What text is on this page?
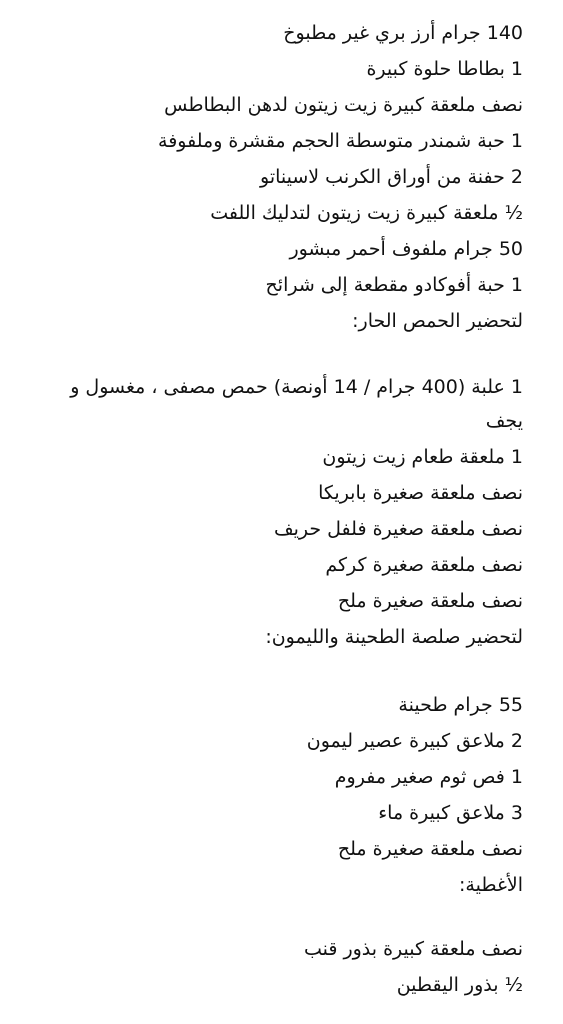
140 جرام أرز بري غير مطبوخ
1 بطاطا حلوة كبيرة
نصف ملعقة كبيرة زيت زيتون لدهن البطاطس
1 حبة شمندر متوسطة الحجم مقشرة وملفوفة
2 حفنة من أوراق الكرنب لاسيناتو
½ ملعقة كبيرة زيت زيتون لتدليك اللفت
50 جرام ملفوف أحمر مبشور
1 حبة أفوكادو مقطعة إلى شرائح
لتحضير الحمص الحار:
1 علبة (400 جرام / 14 أونصة) حمص مصفى ، مغسول و
يجف
1 ملعقة طعام زيت زيتون
نصف ملعقة صغيرة بابريكا
نصف ملعقة صغيرة فلفل حريف
نصف ملعقة صغيرة كركم
نصف ملعقة صغيرة ملح
لتحضير صلصة الطحينة والليمون:
55 جرام طحينة
2 ملاعق كبيرة عصير ليمون
1 فص ثوم صغير مفروم
3 ملاعق كبيرة ماء
نصف ملعقة صغيرة ملح
الأغطية:
نصف ملعقة كبيرة بذور قنب
½ بذور اليقطين
